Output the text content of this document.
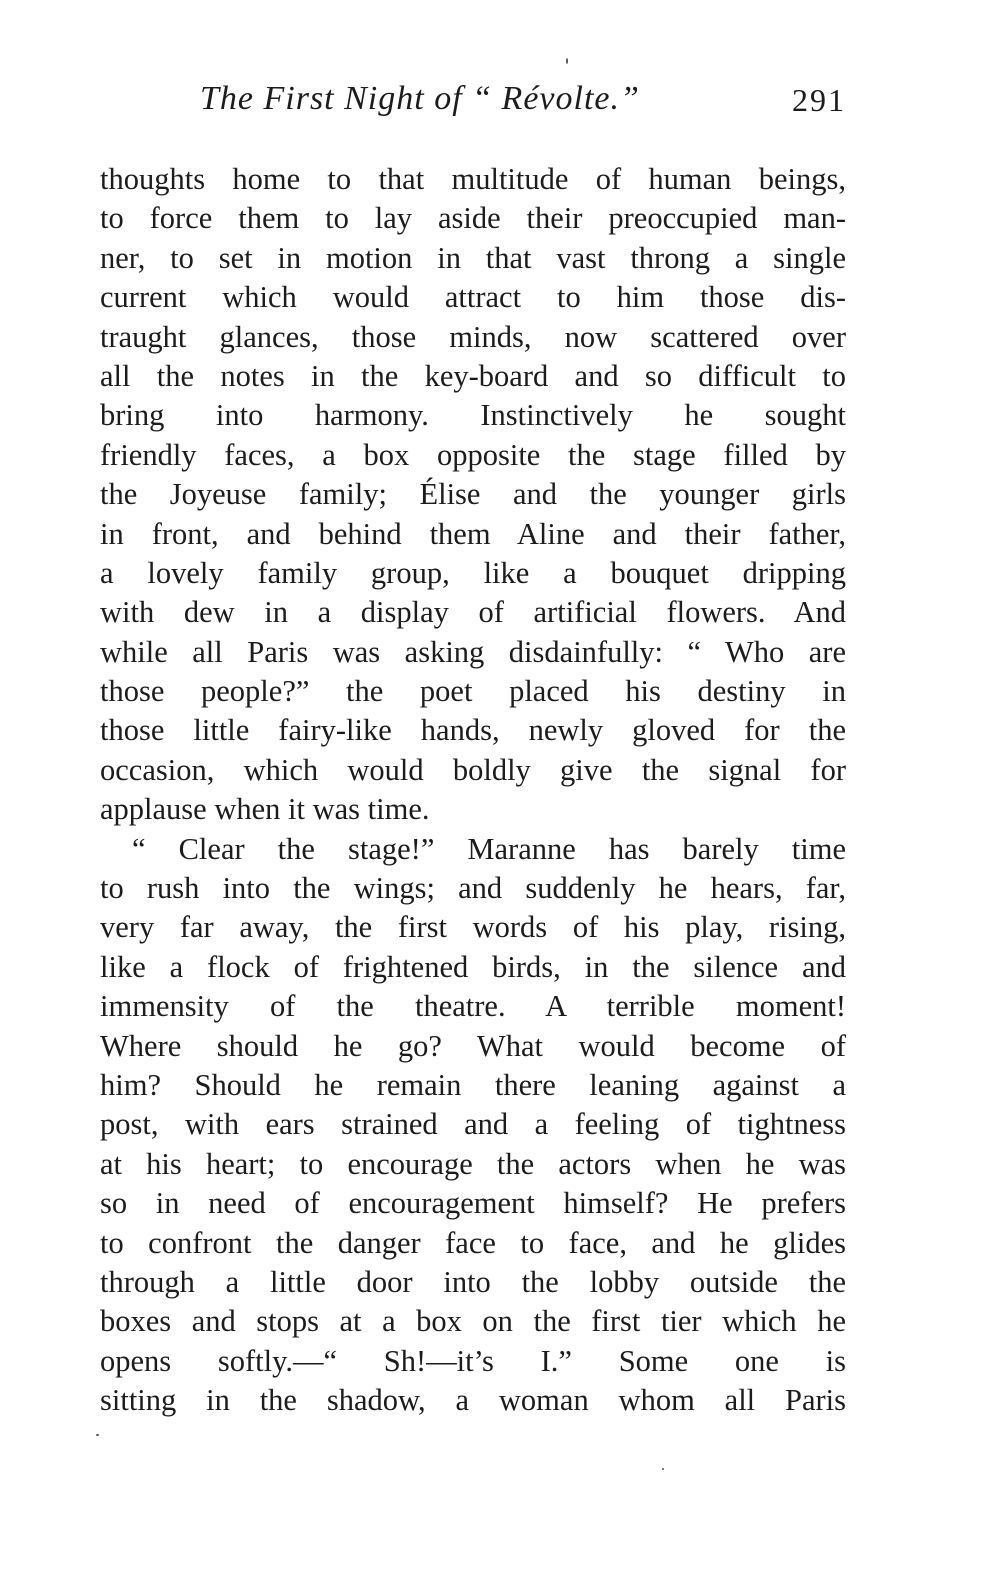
The First Night of “ Révolte.”	291
thoughts home to that multitude of human beings,
to force them to lay aside their preoccupied man-
ner, to set in motion in that vast throng a single
current which would attract to him those dis-
traught glances, those minds, now scattered over
all the notes in the key-board and so difficult to
bring into harmony. Instinctively he sought
friendly faces, a box opposite the stage filled by
the Joyeuse family; Élise and the younger girls
in front, and behind them Aline and their father,
a lovely family group, like a bouquet dripping
with dew in a display of artificial flowers. And
while all Paris was asking disdainfully: “ Who are
those people?” the poet placed his destiny in
those little fairy-like hands, newly gloved for the
occasion, which would boldly give the signal for
applause when it was time.
“ Clear the stage!” Maranne has barely time
to rush into the wings; and suddenly he hears, far,
very far away, the first words of his play, rising,
like a flock of frightened birds, in the silence and
immensity of the theatre. A terrible moment!
Where should he go? What would become of
him? Should he remain there leaning against a
post, with ears strained and a feeling of tightness
at his heart; to encourage the actors when he was
so in need of encouragement himself? He prefers
to confront the danger face to face, and he glides
through a little door into the lobby outside the
boxes and stops at a box on the first tier which he
opens softly.—“ Sh!—it’s I.” Some one is
sitting in the shadow, a woman whom all Paris
